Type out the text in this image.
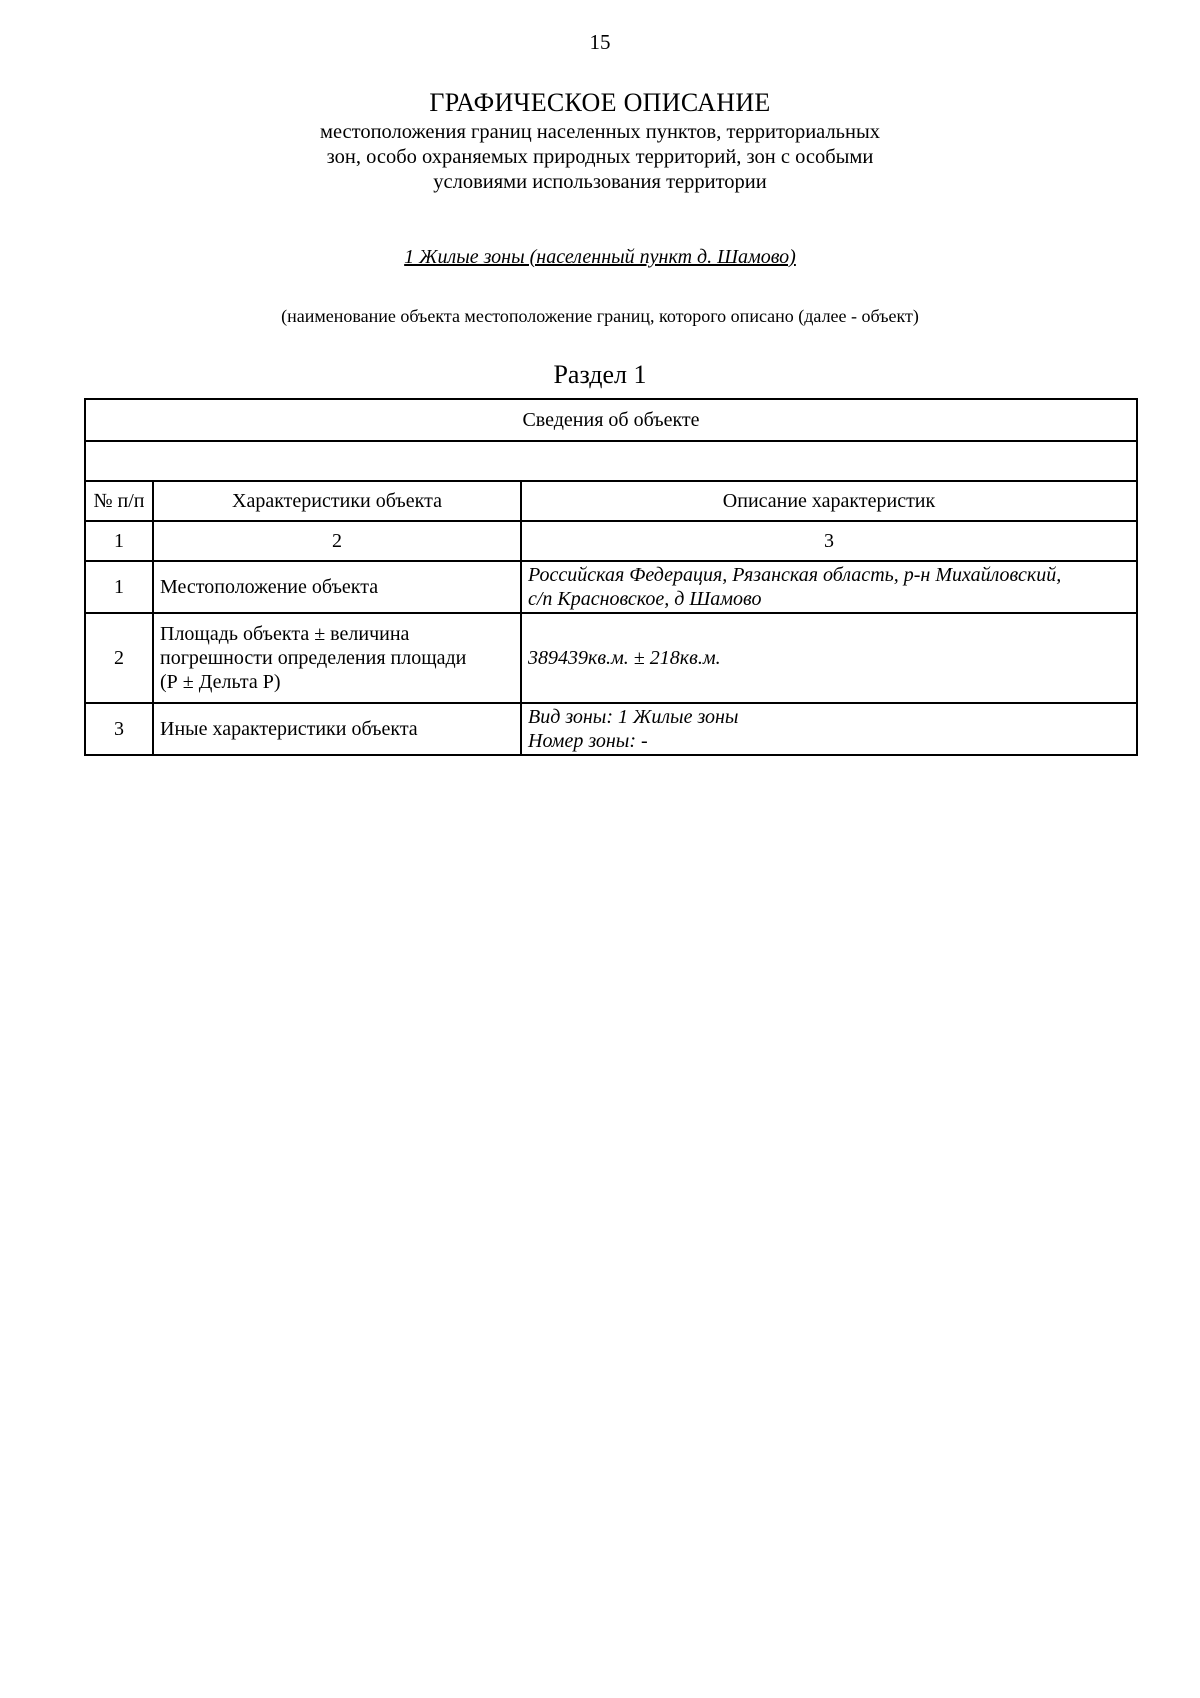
15
ГРАФИЧЕСКОЕ ОПИСАНИЕ
местоположения границ населенных пунктов, территориальных
зон, особо охраняемых природных территорий, зон с особыми
условиями использования территории
1 Жилые зоны (населенный пункт д. Шамово)
(наименование объекта местоположение границ, которого описано (далее - объект)
Раздел 1
Сведения об объекте		

№ п/п	Характеристики объекта	Описание характеристик
1	2	3
1	Местоположение объекта	Российская Федерация, Рязанская область, р-н Михайловский,
с/п Красновское, д Шамово

2	Площадь объекта ± величина
погрешности определения площади
(Р ± Дельта Р)	389439кв.м. ± 218кв.м.

3	Иные характеристики объекта	Вид зоны: 1 Жилые зоны
Номер зоны: -
